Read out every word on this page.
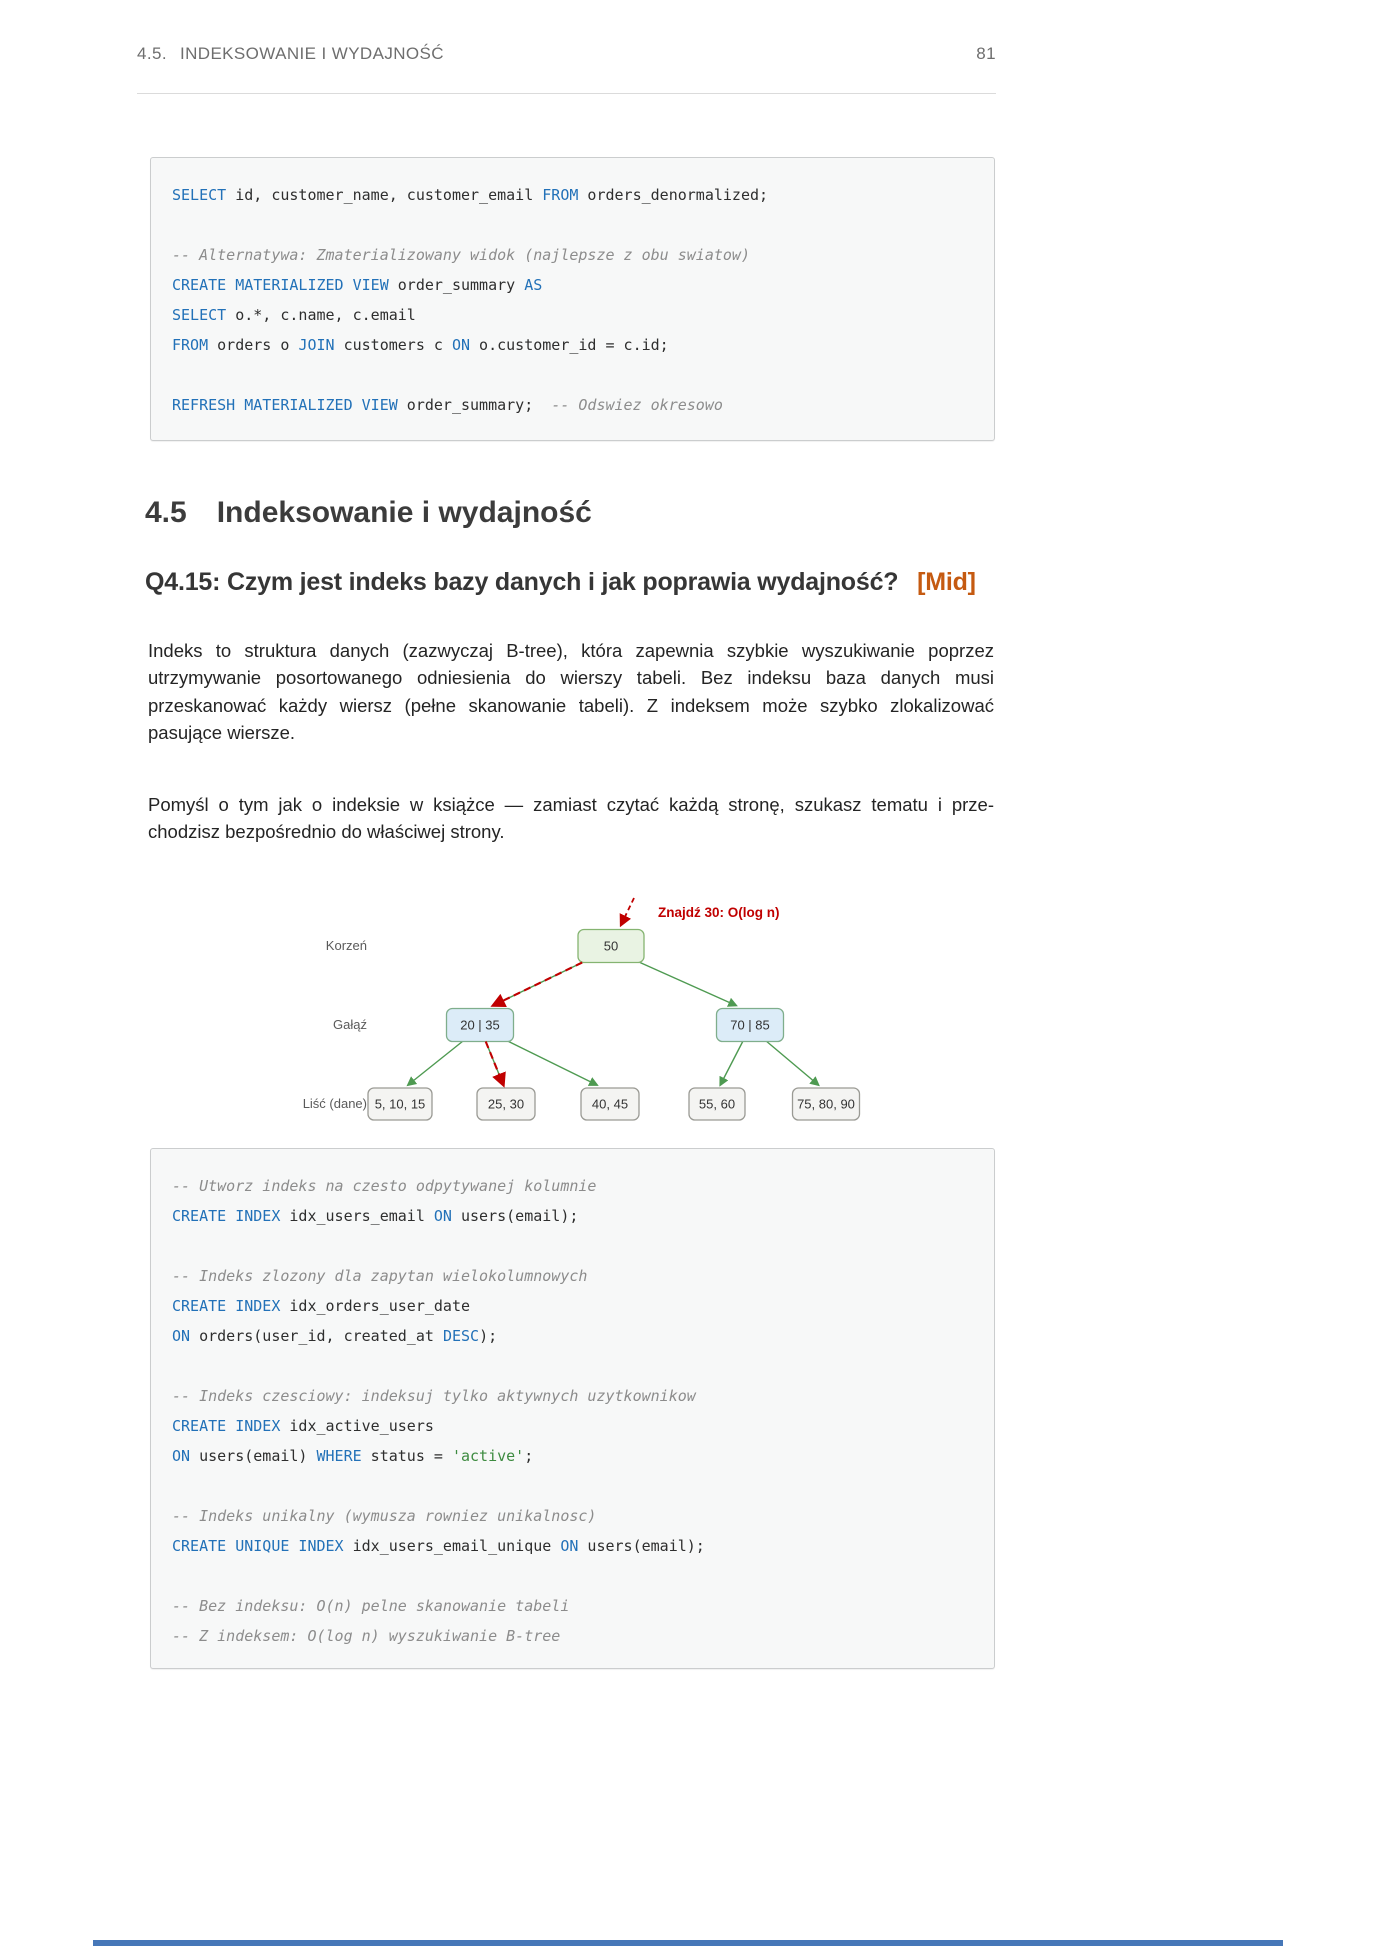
4.5. INDEKSOWANIE I WYDAJNOŚĆ	81
SELECT id, customer_name, customer_email FROM orders_denormalized;

-- Alternatywa: Zmaterializowany widok (najlepsze z obu swiatow)
CREATE MATERIALIZED VIEW order_summary AS
SELECT o.*, c.name, c.email
FROM orders o JOIN customers c ON o.customer_id = c.id;

REFRESH MATERIALIZED VIEW order_summary; -- Odswiez okresowo
4.5 Indeksowanie i wydajność
Q4.15: Czym jest indeks bazy danych i jak poprawia wydajność? [Mid]
Indeks to struktura danych (zazwyczaj B-tree), która zapewnia szybkie wyszukiwanie poprzez
utrzymywanie posortowanego odniesienia do wierszy tabeli. Bez indeksu baza danych musi
przeskanować każdy wiersz (pełne skanowanie tabeli). Z indeksem może szybko zlokalizować
pasujące wiersze.
Pomyśl o tym jak o indeksie w książce — zamiast czytać każdą stronę, szukasz tematu i prze-
chodzisz bezpośrednio do właściwej strony.
50
20 | 35	70 | 85
5, 10, 15	25, 30	40, 45	55, 60	75, 80, 90
Korzeń
Gałąź
Liść (dane)
Znajdź 30: O(log n)
-- Utworz indeks na czesto odpytywanej kolumnie
CREATE INDEX idx_users_email ON users(email);

-- Indeks zlozony dla zapytan wielokolumnowych
CREATE INDEX idx_orders_user_date
ON orders(user_id, created_at DESC);

-- Indeks czesciowy: indeksuj tylko aktywnych uzytkownikow
CREATE INDEX idx_active_users
ON users(email) WHERE status = 'active';

-- Indeks unikalny (wymusza rowniez unikalnosc)
CREATE UNIQUE INDEX idx_users_email_unique ON users(email);

-- Bez indeksu: O(n) pelne skanowanie tabeli
-- Z indeksem: O(log n) wyszukiwanie B-tree
